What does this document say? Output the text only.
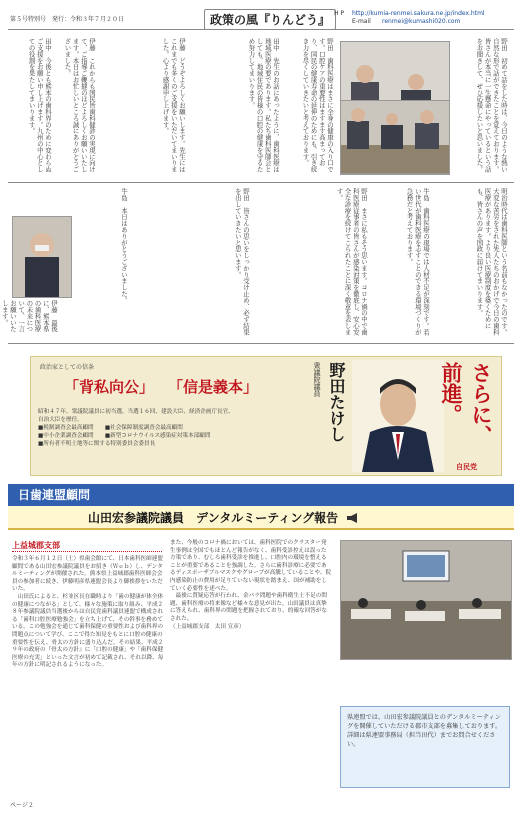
第５号特別号　発行：令和３年７月２０日	政策の風『りんどう』 H P http://kumia-renmei.sakura.ne.jp/index.html
E-mail renmei@kumashi020.com
野田　歯科医療はまさに全身の健康の入り口です。口腔ケアの重要性はますます高まっており、国民の健康寿命の延伸のためにも、引き続き力を尽くしていきたいと考えております。	野田　初めて話をした時は、今日のような熱い自然な形で話ができたことを覚えております。皆さんが本当に一生懸命にやっているという話をお聞きして、ぜひ応援したいと思いました。
田中　先生のお話にあったように、歯科医療は地域医療の要であります。私たち歯科医師会としても、地域住民の皆様の口腔の健康を守るため努力してまいります。
伊藤　どうぞよろしくお願いします。先生にはこれまでも多くのご支援をいただいてまいりました。心より感謝申し上げます。
伊藤　これからも国民皆歯科健診の実現に向けて、ご指導ご鞭撻のほどよろしくお願いいたします。本日はお忙しいところ誠にありがとうございました。
田中　今後とも熊本の歯科界のために変わらぬご支援をお願い申し上げます。九州の中心としての役割を果たしてまいります。
明治時代は歯科医師という名前もなかったのです。大変な苦労をされた先人たちのおかげで今日の歯科医療があります。より良い医療制度を築くためにも、皆さんの声を国政に届けてまいります。
牛島　歯科医療の現場では人材不足が深刻です。若い世代が歯科医療を志すことのできる環境づくりが急務だと考えております。
野田　まさに私もそう思います。コロナ禍の中で歯科医療従事者の皆さんが感染対策を徹底し、安心安全な診療を続けてこられたことに深く敬意を表します。
野田　皆さんの思いをしっかり受け止め、必ず結果を出していきたいと思います。
牛島　本日はありがとうございました。
伊藤　最後に、熊本県の歯科医療の未来について、一言お願いいたします。
政治家としての信条
「背私向公」 「信是義本」
昭和４７年、衆議院議員に初当選、当選１６回、建設大臣、経済企画庁長官、
自治大臣を歴任。
■税制調査会最高顧問　　■社会保障制度調査会最高顧問
■中小企業調査会顧問　　■新型コロナウイルス感染症対策本部顧問
■所有者不明土地等に関する特別委員会委員長
衆議院議員 野田たけし	さらに、前進。
自民党
日歯連盟顧問
山田宏参議院議員　デンタルミーティング報告
上益城郡支部
令和３年６月１２日（土）県歯会館にて、日本歯科医師連盟顧問である山田宏参議院議員をお招き（Ｗｅｂ）し、デンタルミーティングが開催された。熊本県上益城郡歯科医師会会員の参加者に続き、伊藤明彦県連盟会長より御挨拶をいただいた。
　山田氏によると、杉並区長在職時より「歯の健康が体全体の健康につながる」として、様々な施策に取り組み、平成２８年参議院議員当選後からは自民党歯科議員連盟で構成される「歯科口腔医療勉強会」を立ち上げて、その幹事を務めている。この勉強会を通じて歯科保健の重要性および歯科界の問題点について学び、ここで得た知見をもとに口腔の健康の重要性を伝え、骨太の方針に盛り込んだ。その結果、平成２９年の政府の『骨太の方針』に「口腔の健康」や「歯科保健医療の充実」といった文言が初めて記載され、それ以降、毎年の方針に明記されるようになった。
また、今般のコロナ禍においては、歯科医院でのクラスター発生事例は全国でもほとんど報告がなく、歯科受診控えは誤った方策であり、むしろ歯科受診を推進し、口腔内の環境を整えることが重要であることを強調した。さらに歯科診療に必要であるディスポーザブルマスクやグローブが高騰していることや、院内感染防止の費用が足りていない現状を踏まえ、国が補助をしていく必要性を述べた。
　最後に質疑応答が行われ、金パラ問題や歯科衛生士不足の問題、歯科医療の将来像など様々な意見が出た。山田議員は真摯に答えられ、歯科界の問題を把握されており、的確な回答がなされた。
（上益城郡支部　太田 宣彦）
県連盟では、山田宏参議院議員とのデンタルミーティングを開催していただける郡市支部を募集しております。
詳細は県連盟事務局（担当田代）までお問合せください。
ページ２
